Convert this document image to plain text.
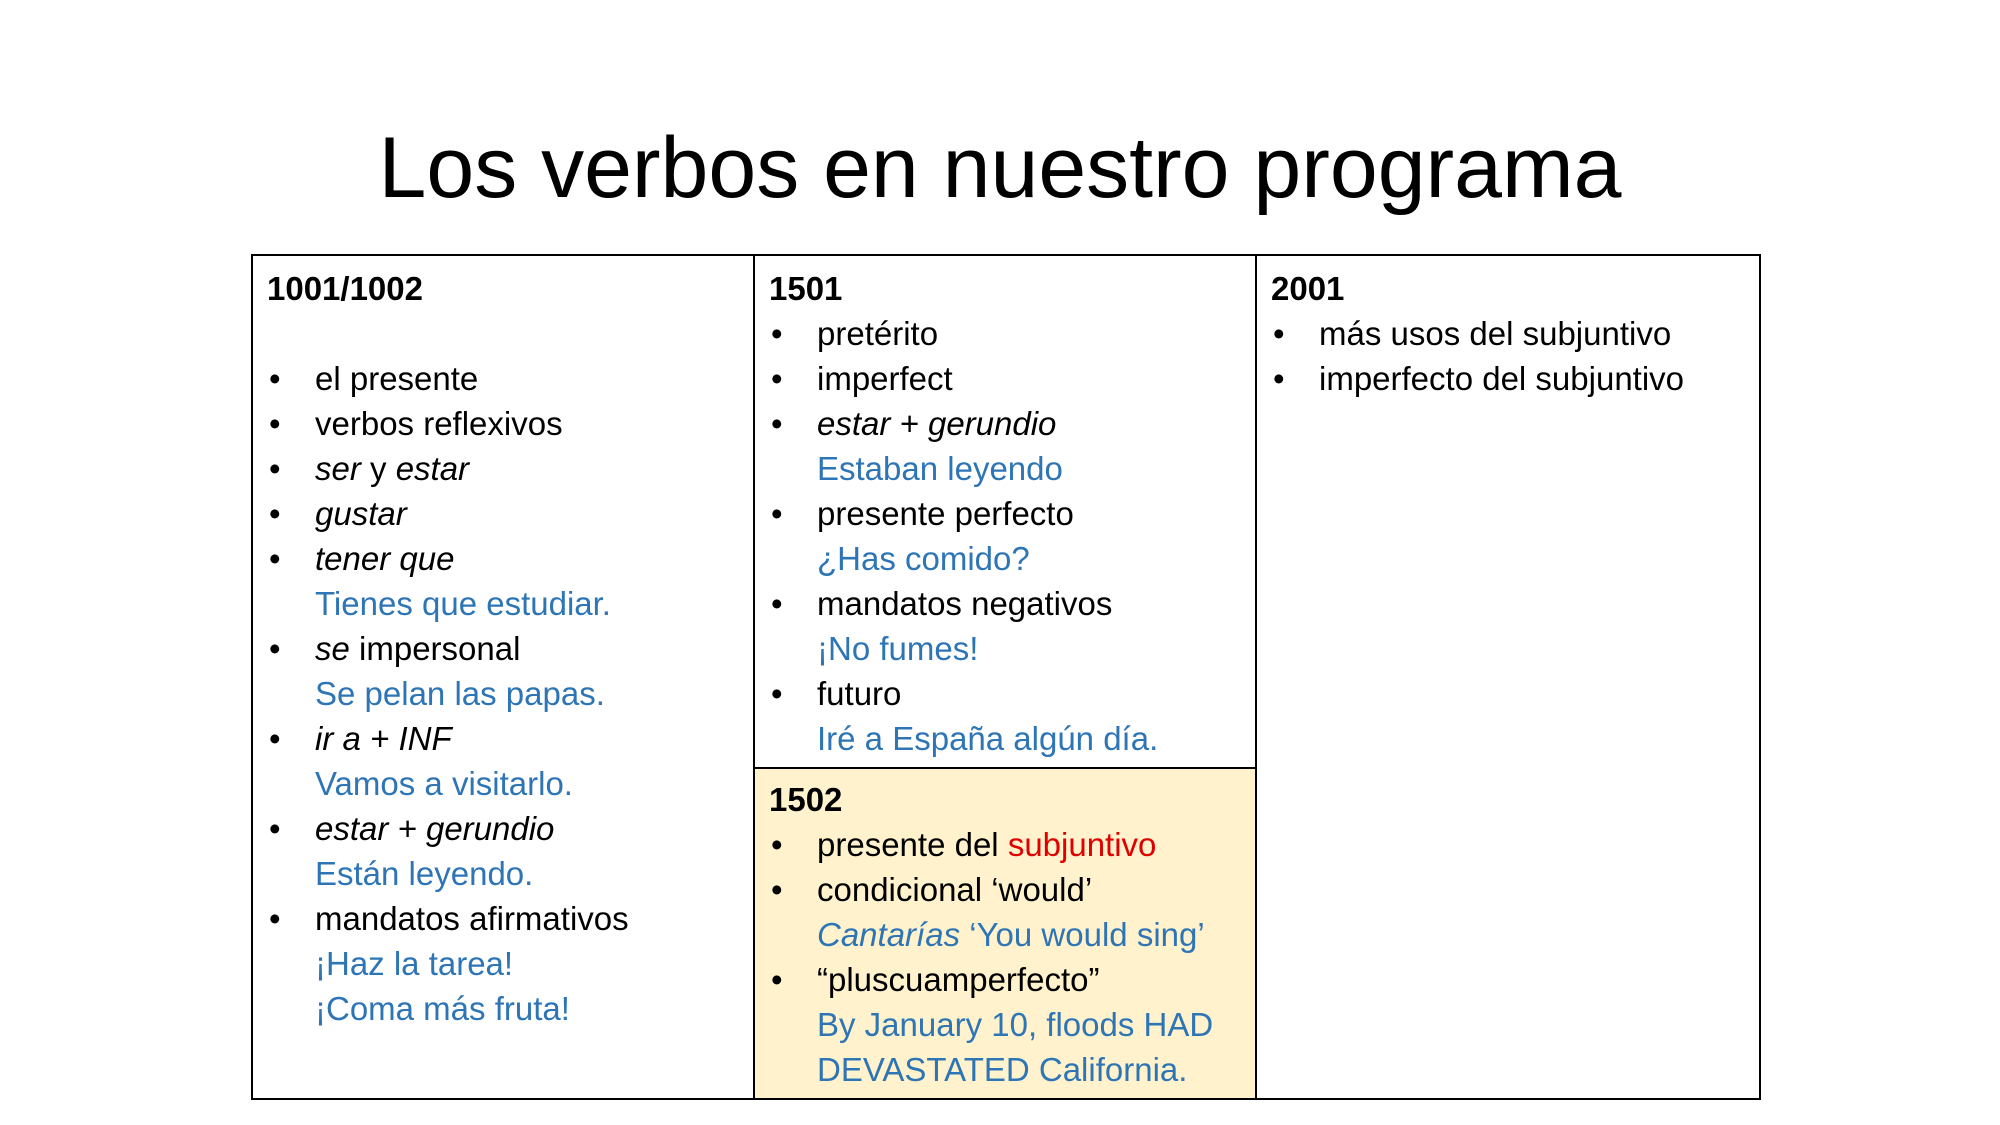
Los verbos en nuestro programa
1001/1002
• el presente
• verbos reflexivos
• ser y estar
• gustar
• tener que
Tienes que estudiar.
• se impersonal
Se pelan las papas.
• ir a + INF
Vamos a visitarlo.
• estar + gerundio
Están leyendo.
• mandatos afirmativos
¡Haz la tarea!
¡Coma más fruta!
1501
• pretérito
• imperfect
• estar + gerundio
Estaban leyendo
• presente perfecto
¿Has comido?
• mandatos negativos
¡No fumes!
• futuro
Iré a España algún día.
1502
• presente del subjuntivo
• condicional ‘would’
Cantarías ‘You would sing’
• “pluscuamperfecto”
By January 10, floods HAD
DEVASTATED California.
2001
• más usos del subjuntivo
• imperfecto del subjuntivo
